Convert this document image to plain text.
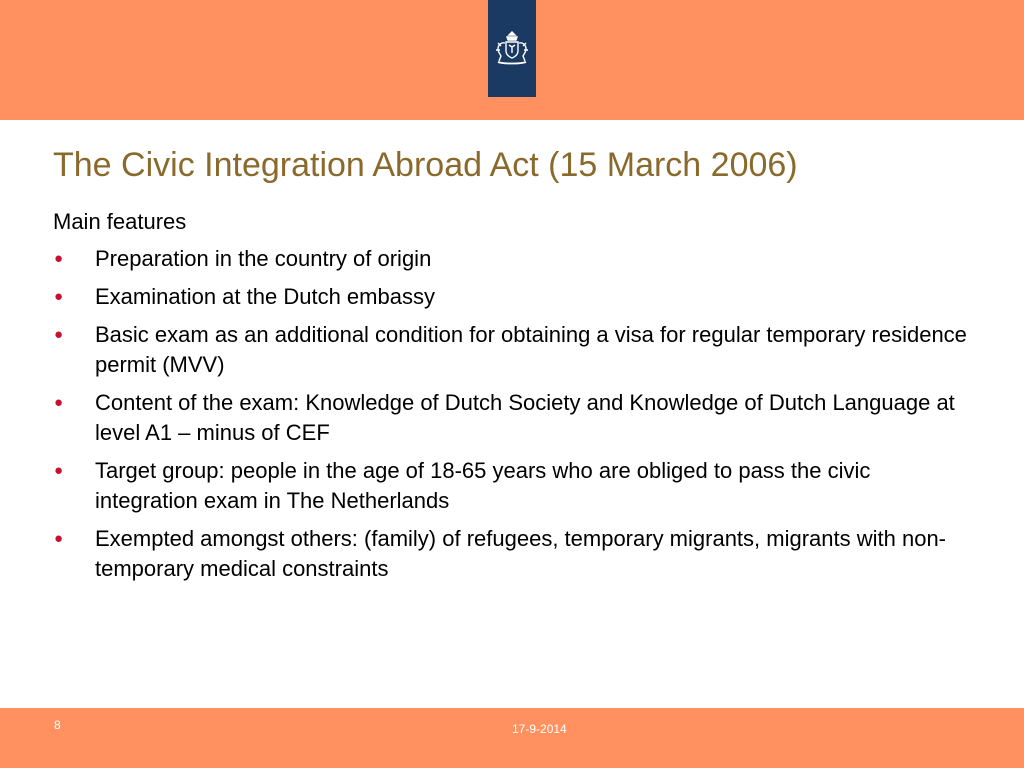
The Civic Integration Abroad Act (15 March 2006)
Main features
● Preparation in the country of origin
● Examination at the Dutch embassy
● Basic exam as an additional condition for obtaining a visa for regular temporary residence permit (MVV)
● Content of the exam: Knowledge of Dutch Society and Knowledge of Dutch Language at level A1 – minus of CEF
● Target group: people in the age of 18-65 years who are obliged to pass the civic integration exam in The Netherlands
● Exempted amongst others: (family) of refugees, temporary migrants, migrants with non-temporary medical constraints
8	17-9-2014
